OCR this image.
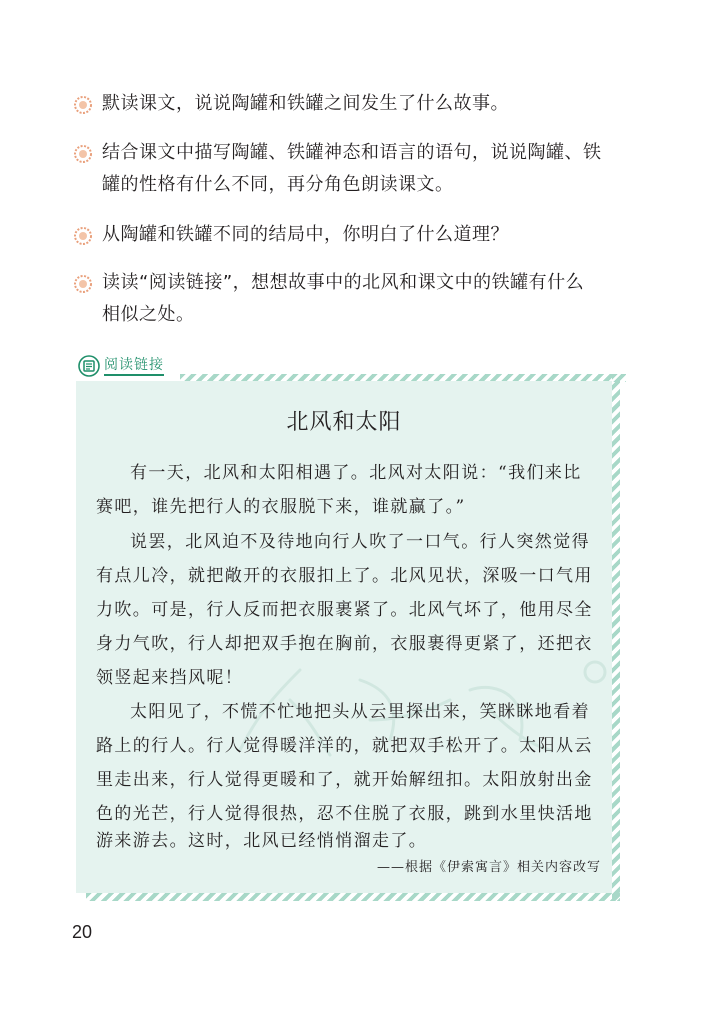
默读课文，说说陶罐和铁罐之间发生了什么故事。
结合课文中描写陶罐、铁罐神态和语言的语句，说说陶罐、铁
罐的性格有什么不同，再分角色朗读课文。
从陶罐和铁罐不同的结局中，你明白了什么道理？
读读“阅读链接”，想想故事中的北风和课文中的铁罐有什么
相似之处。
阅读链接
北风和太阳
有一天，北风和太阳相遇了。北风对太阳说：“我们来比
赛吧，谁先把行人的衣服脱下来，谁就赢了。”
说罢，北风迫不及待地向行人吹了一口气。行人突然觉得
有点儿冷，就把敞开的衣服扣上了。北风见状，深吸一口气用
力吹。可是，行人反而把衣服裹紧了。北风气坏了，他用尽全
身力气吹，行人却把双手抱在胸前，衣服裹得更紧了，还把衣
领竖起来挡风呢！
太阳见了，不慌不忙地把头从云里探出来，笑眯眯地看着
路上的行人。行人觉得暖洋洋的，就把双手松开了。太阳从云
里走出来，行人觉得更暖和了，就开始解纽扣。太阳放射出金
色的光芒，行人觉得很热，忍不住脱了衣服，跳到水里快活地
游来游去。这时，北风已经悄悄溜走了。
——根据《伊索寓言》相关内容改写
20
